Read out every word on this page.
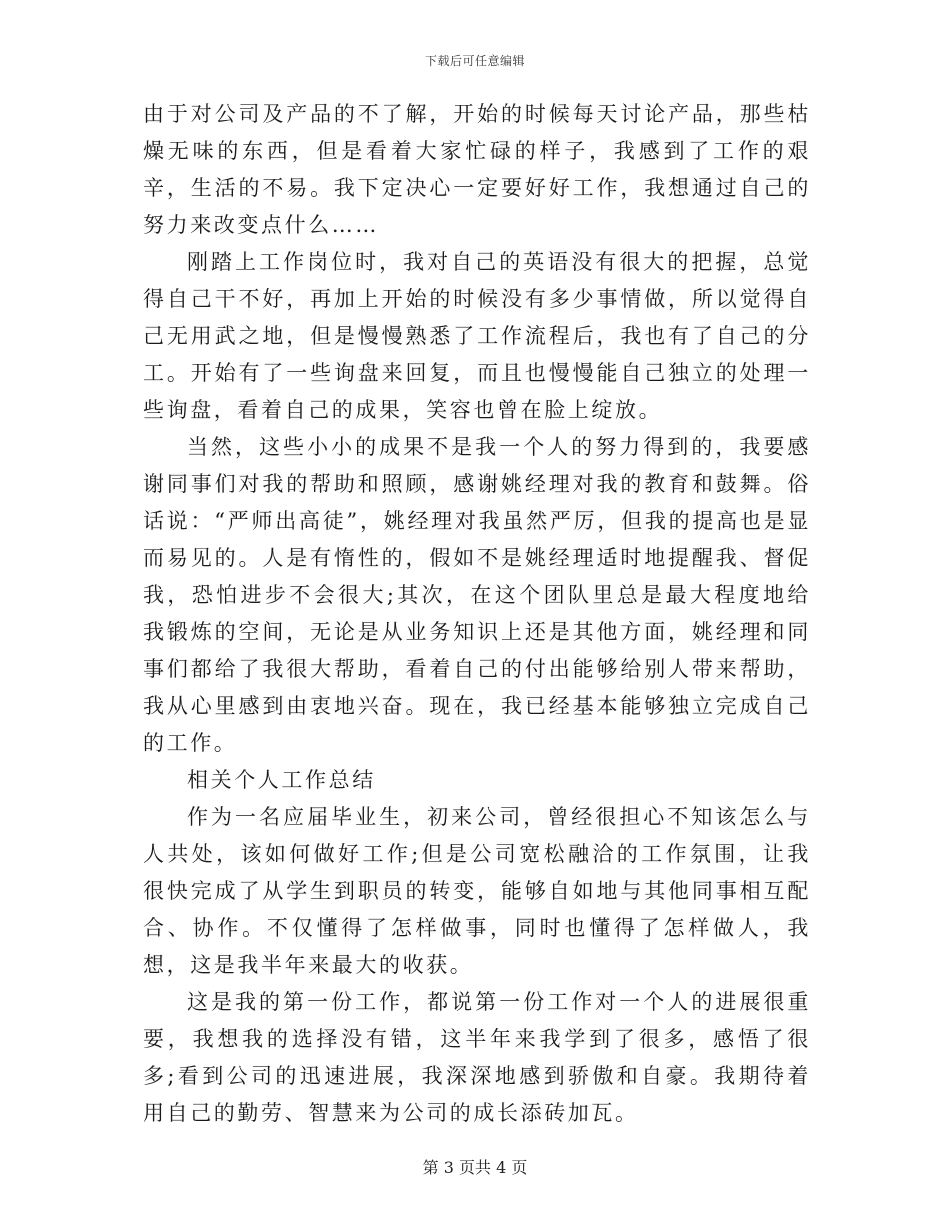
下载后可任意编辑

由于对公司及产品的不了解，开始的时候每天讨论产品，那些枯燥无味的东西，但是看着大家忙碌的样子，我感到了工作的艰辛，生活的不易。我下定决心一定要好好工作，我想通过自己的努力来改变点什么……

刚踏上工作岗位时，我对自己的英语没有很大的把握，总觉得自己干不好，再加上开始的时候没有多少事情做，所以觉得自己无用武之地，但是慢慢熟悉了工作流程后，我也有了自己的分工。开始有了一些询盘来回复，而且也慢慢能自己独立的处理一些询盘，看着自己的成果，笑容也曾在脸上绽放。

当然，这些小小的成果不是我一个人的努力得到的，我要感谢同事们对我的帮助和照顾，感谢姚经理对我的教育和鼓舞。俗话说：“严师出高徒”，姚经理对我虽然严厉，但我的提高也是显而易见的。人是有惰性的，假如不是姚经理适时地提醒我、督促我，恐怕进步不会很大;其次，在这个团队里总是最大程度地给我锻炼的空间，无论是从业务知识上还是其他方面，姚经理和同事们都给了我很大帮助，看着自己的付出能够给别人带来帮助，我从心里感到由衷地兴奋。现在，我已经基本能够独立完成自己的工作。

相关个人工作总结

作为一名应届毕业生，初来公司，曾经很担心不知该怎么与人共处，该如何做好工作;但是公司宽松融洽的工作氛围，让我很快完成了从学生到职员的转变，能够自如地与其他同事相互配合、协作。不仅懂得了怎样做事，同时也懂得了怎样做人，我想，这是我半年来最大的收获。

这是我的第一份工作，都说第一份工作对一个人的进展很重要，我想我的选择没有错，这半年来我学到了很多，感悟了很多;看到公司的迅速进展，我深深地感到骄傲和自豪。我期待着用自己的勤劳、智慧来为公司的成长添砖加瓦。

第 3 页共 4 页
